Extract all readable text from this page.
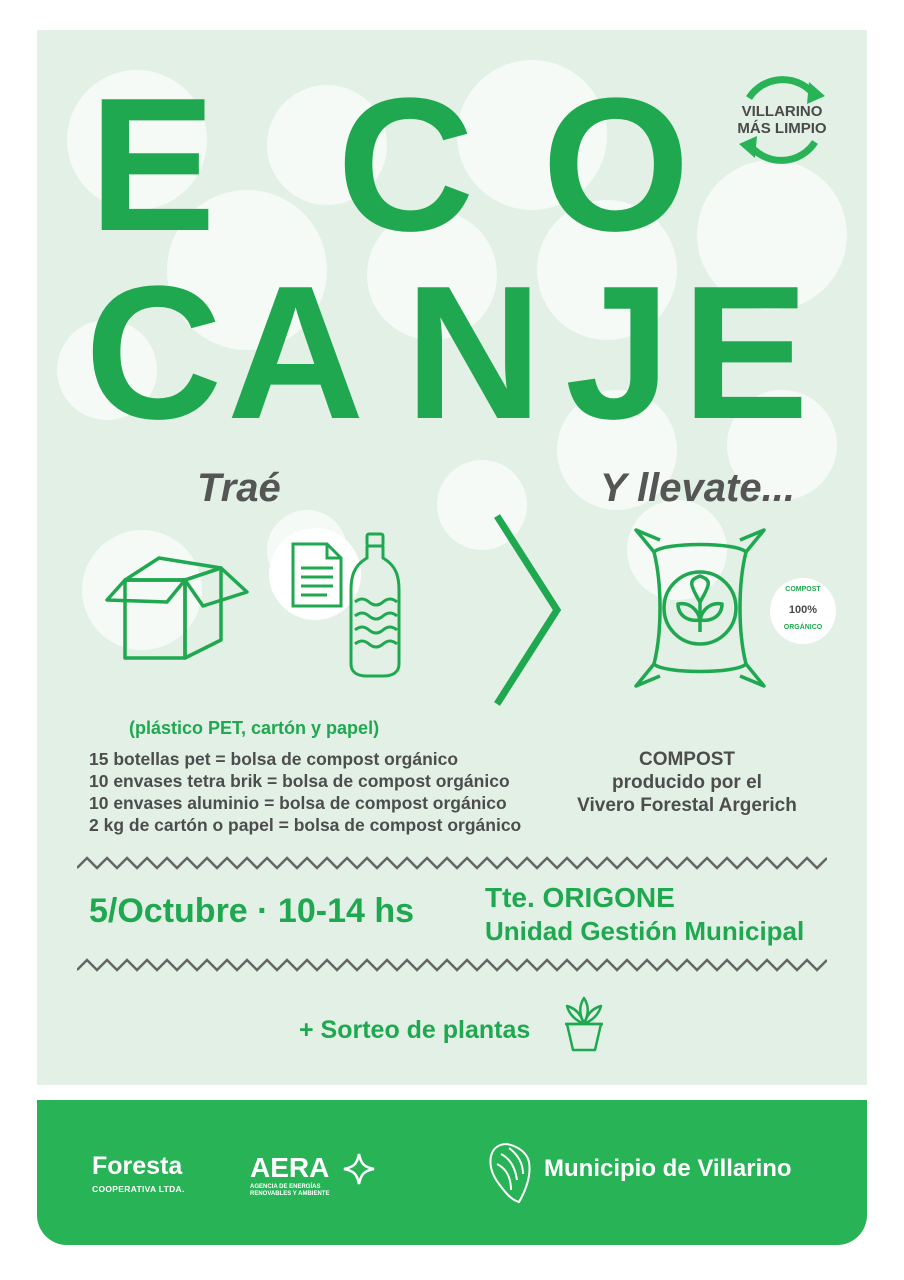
E C O
C A N J E
VILLARINO
MÁS LIMPIO
Traé	Y llevate...
COMPOST
100%
ORGÁNICO
(plástico PET, cartón y papel)
15 botellas pet = bolsa de compost orgánico
10 envases tetra brik = bolsa de compost orgánico
10 envases aluminio = bolsa de compost orgánico
2 kg de cartón o papel = bolsa de compost orgánico
COMPOST
producido por el
Vivero Forestal Argerich
5/Octubre · 10-14 hs	Tte. ORIGONE
Unidad Gestión Municipal
+ Sorteo de plantas
Foresta
COOPERATIVA LTDA.
AERA
AGENCIA DE ENERGÍAS RENOVABLES Y AMBIENTE
Municipio de Villarino
